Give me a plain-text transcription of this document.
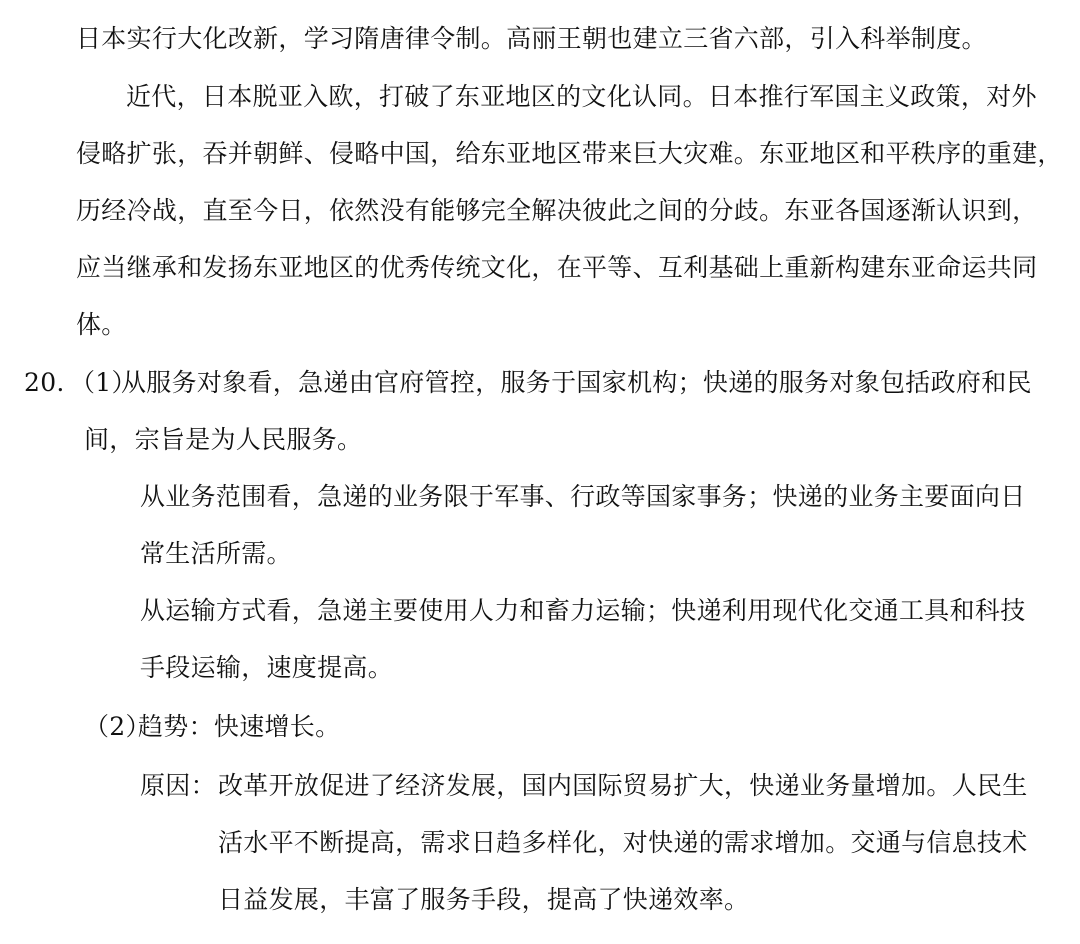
日本实行大化改新，学习隋唐律令制。高丽王朝也建立三省六部，引入科举制度。
近代，日本脱亚入欧，打破了东亚地区的文化认同。日本推行军国主义政策，对外
侵略扩张，吞并朝鲜、侵略中国，给东亚地区带来巨大灾难。东亚地区和平秩序的重建，
历经冷战，直至今日，依然没有能够完全解决彼此之间的分歧。东亚各国逐渐认识到，
应当继承和发扬东亚地区的优秀传统文化，在平等、互利基础上重新构建东亚命运共同
体。
20. （1）
从服务对象看，急递由官府管控，服务于国家机构；快递的服务对象包括政府和民
间，宗旨是为人民服务。
从业务范围看，急递的业务限于军事、行政等国家事务；快递的业务主要面向日
常生活所需。
从运输方式看，急递主要使用人力和畜力运输；快递利用现代化交通工具和科技
手段运输，速度提高。
（2）
趋势：快速增长。
原因： 改革开放促进了经济发展，国内国际贸易扩大，快递业务量增加。人民生
活水平不断提高，需求日趋多样化，对快递的需求增加。交通与信息技术
日益发展，丰富了服务手段，提高了快递效率。
